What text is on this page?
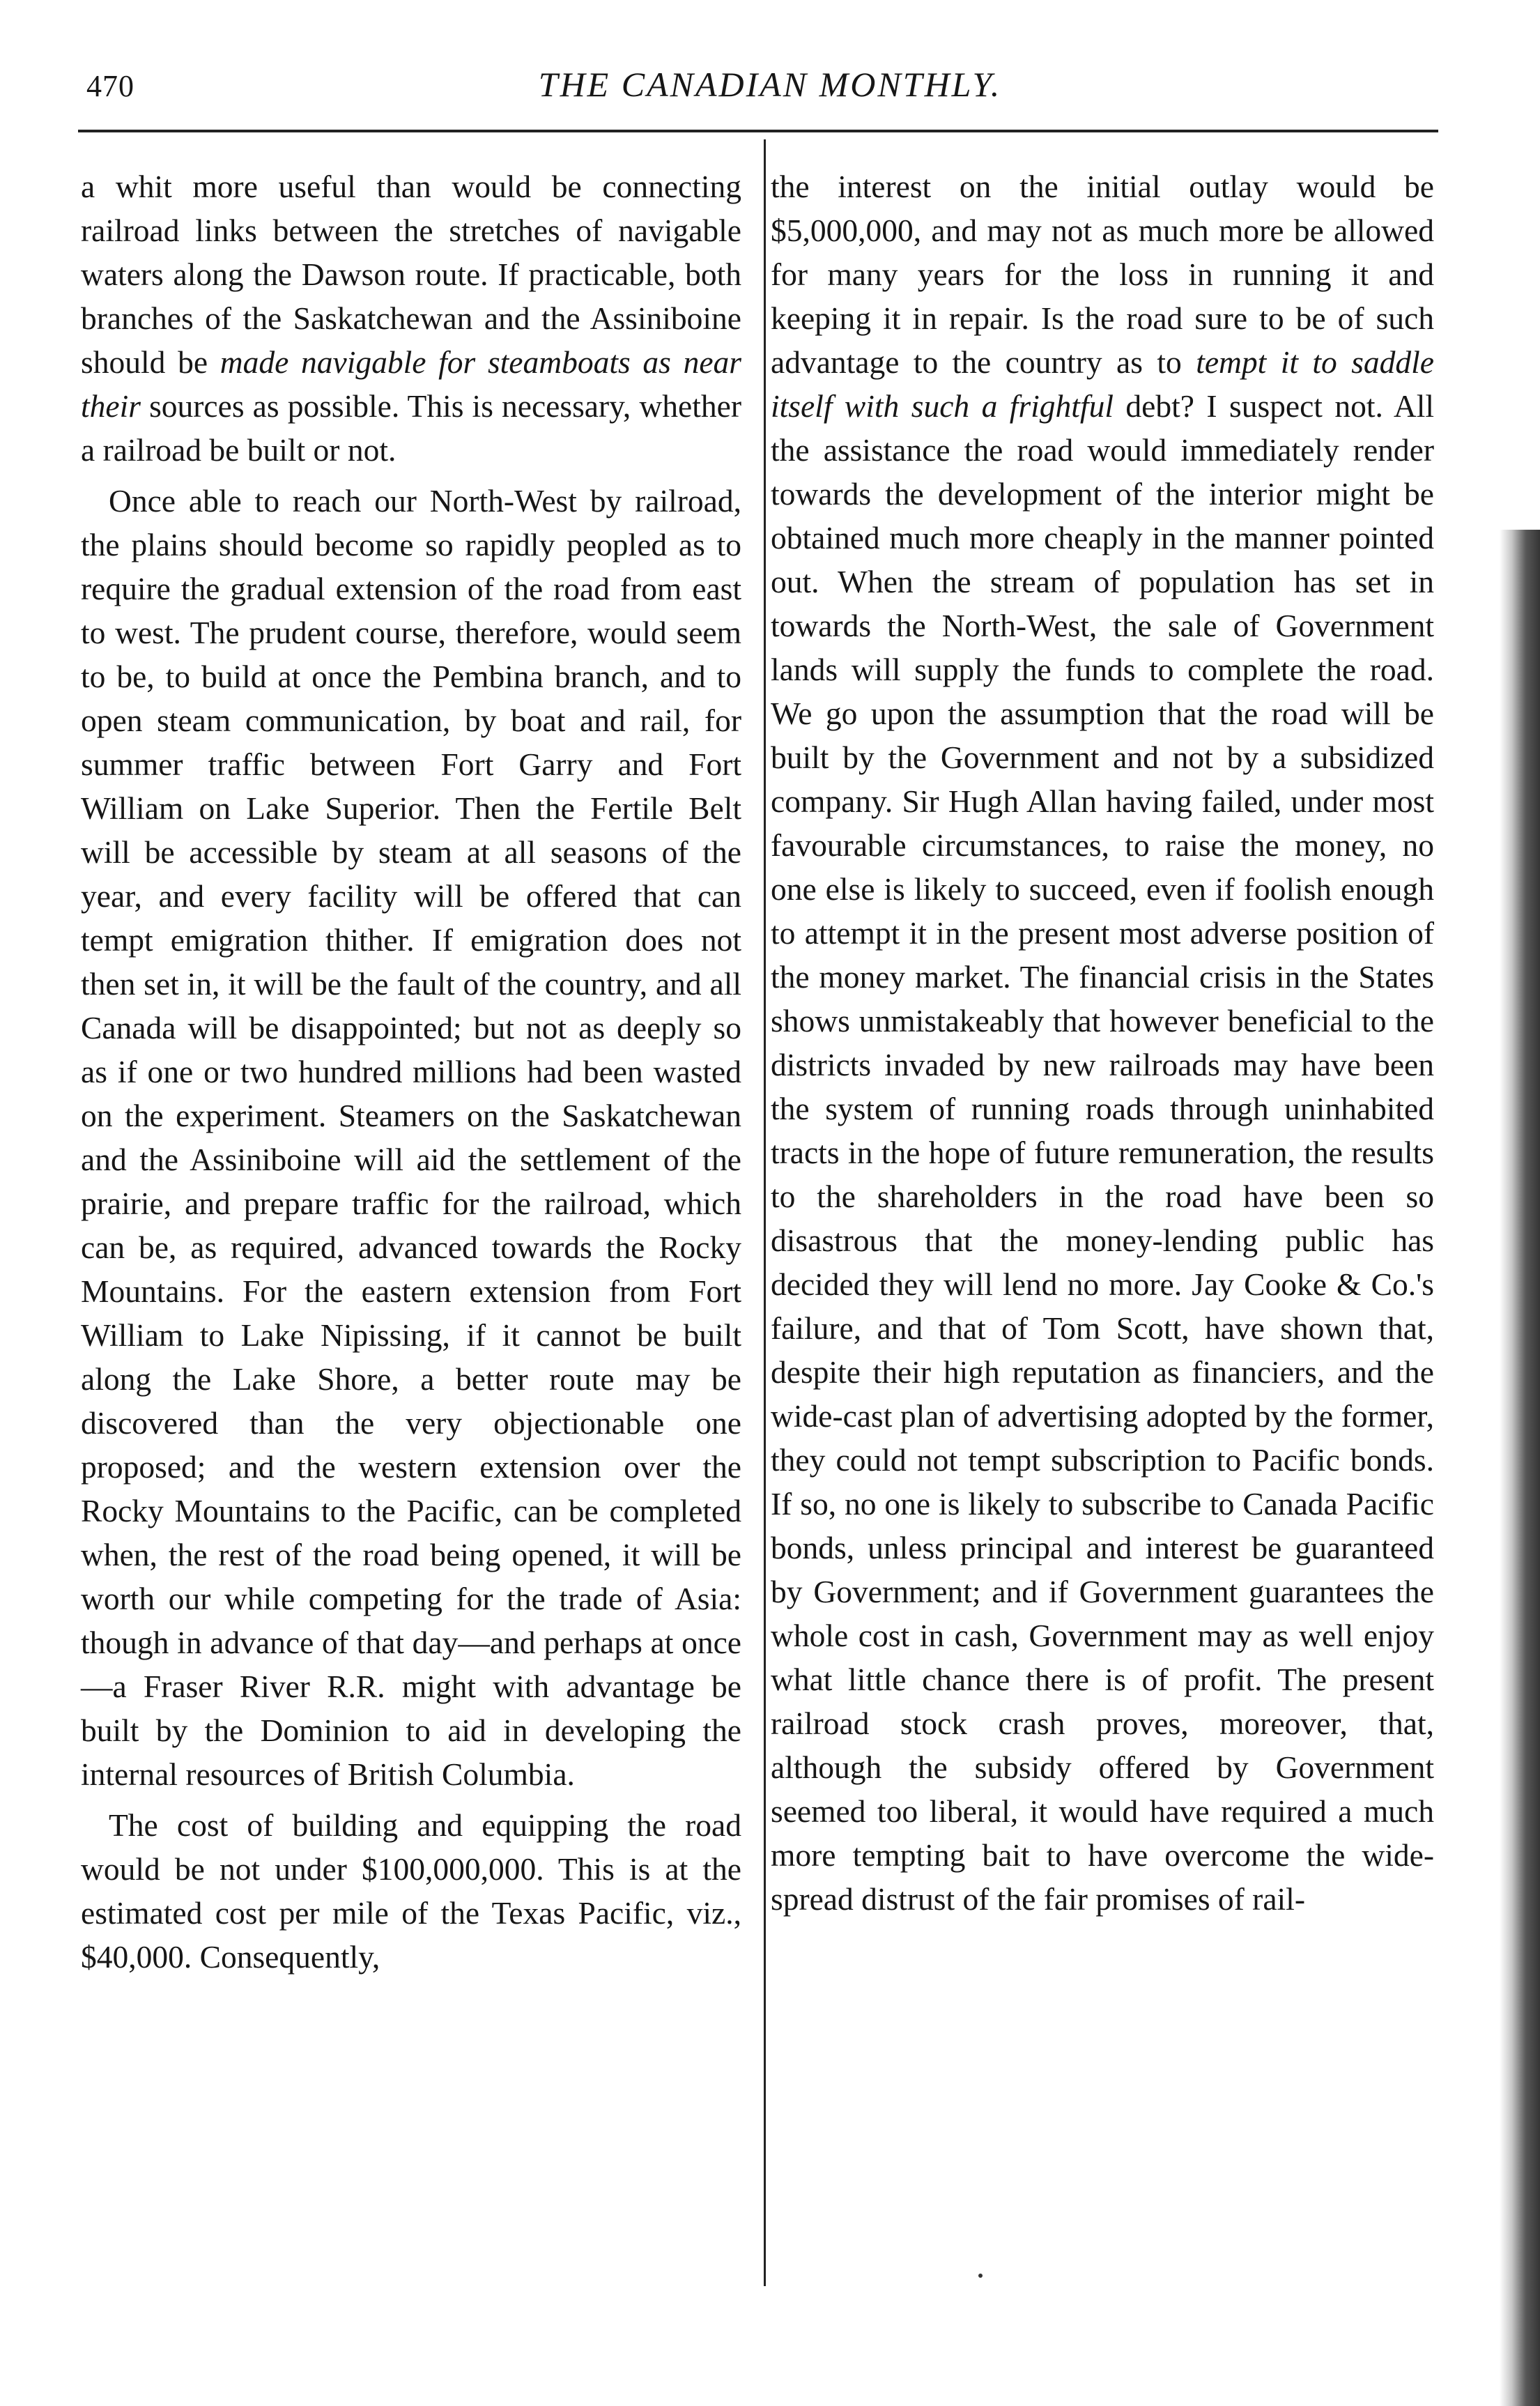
470	THE CANADIAN MONTHLY.

a whit more useful than would be connecting railroad links between the stretches of navigable waters along the Dawson route. If practicable, both branches of the Saskatchewan and the Assiniboine should be made navigable for steamboats as near their sources as possible. This is necessary, whether a railroad be built or not.

Once able to reach our North-West by railroad, the plains should become so rapidly peopled as to require the gradual extension of the road from east to west. The prudent course, therefore, would seem to be, to build at once the Pembina branch, and to open steam communication, by boat and rail, for summer traffic between Fort Garry and Fort William on Lake Superior. Then the Fertile Belt will be accessible by steam at all seasons of the year, and every facility will be offered that can tempt emigration thither. If emigration does not then set in, it will be the fault of the country, and all Canada will be disappointed; but not as deeply so as if one or two hundred millions had been wasted on the experiment. Steamers on the Saskatchewan and the Assiniboine will aid the settlement of the prairie, and prepare traffic for the railroad, which can be, as required, advanced towards the Rocky Mountains. For the eastern extension from Fort William to Lake Nipissing, if it cannot be built along the Lake Shore, a better route may be discovered than the very objectionable one proposed; and the western extension over the Rocky Mountains to the Pacific, can be completed when, the rest of the road being opened, it will be worth our while competing for the trade of Asia: though in advance of that day—and perhaps at once—a Fraser River R.R. might with advantage be built by the Dominion to aid in developing the internal resources of British Columbia.

The cost of building and equipping the road would be not under $100,000,000. This is at the estimated cost per mile of the Texas Pacific, viz., $40,000. Consequently,

the interest on the initial outlay would be $5,000,000, and may not as much more be allowed for many years for the loss in running it and keeping it in repair. Is the road sure to be of such advantage to the country as to tempt it to saddle itself with such a frightful debt? I suspect not. All the assistance the road would immediately render towards the development of the interior might be obtained much more cheaply in the manner pointed out. When the stream of population has set in towards the North-West, the sale of Government lands will supply the funds to complete the road. We go upon the assumption that the road will be built by the Government and not by a subsidized company. Sir Hugh Allan having failed, under most favourable circumstances, to raise the money, no one else is likely to succeed, even if foolish enough to attempt it in the present most adverse position of the money market. The financial crisis in the States shows unmistakeably that however beneficial to the districts invaded by new railroads may have been the system of running roads through uninhabited tracts in the hope of future remuneration, the results to the shareholders in the road have been so disastrous that the money-lending public has decided they will lend no more. Jay Cooke & Co.'s failure, and that of Tom Scott, have shown that, despite their high reputation as financiers, and the wide-cast plan of advertising adopted by the former, they could not tempt subscription to Pacific bonds. If so, no one is likely to subscribe to Canada Pacific bonds, unless principal and interest be guaranteed by Government; and if Government guarantees the whole cost in cash, Government may as well enjoy what little chance there is of profit. The present railroad stock crash proves, moreover, that, although the subsidy offered by Government seemed too liberal, it would have required a much more tempting bait to have overcome the wide-spread distrust of the fair promises of rail-
